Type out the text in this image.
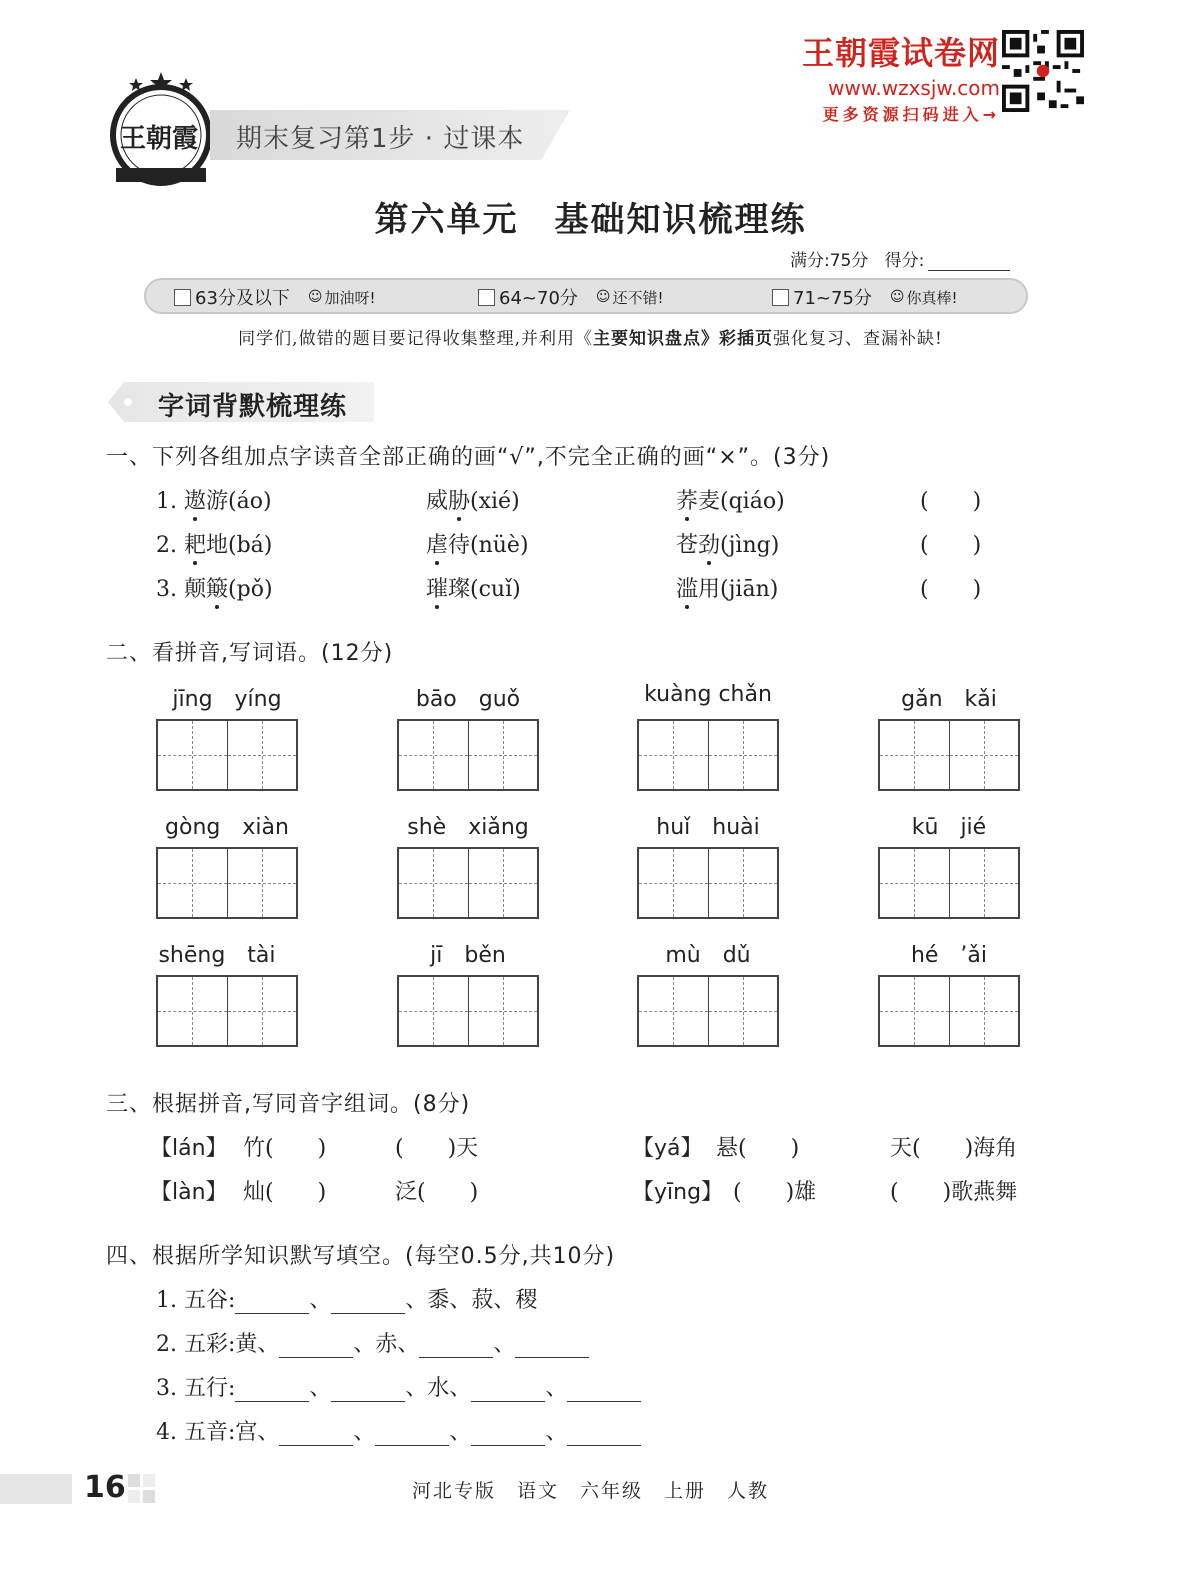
王朝霞 期末复习第1步 · 过课本
王朝霞试卷网
www.wzxsjw.com
更多资源扫码进入→
第六单元　基础知识梳理练
满分:75分 得分:
63分及以下 ☺ 加油呀!	64~70分 ☺ 还不错!	71~75分 ☺ 你真棒!
同学们,做错的题目要记得收集整理,并利用《主要知识盘点》彩插页强化复习、查漏补缺!
字词背默梳理练
一、下列各组加点字读音全部正确的画“√”,不完全正确的画“×”。(3分)
1. 遨游(áo)	威胁(xié)	荞麦(qiáo)	(　　)
2. 耙地(bá)	虐待(nüè)	苍劲(jìng)	(　　)
3. 颠簸(pǒ)	璀璨(cuǐ)	滥用(jiān)	(　　)
二、看拼音,写词语。(12分)
jīng　yíng	bāo　guǒ	kuàng chǎn	gǎn　kǎi
gòng　xiàn	shè　xiǎng	huǐ　huài	kū　jié
shēng　tài	jī　běn	mù　dǔ	hé　’ǎi
三、根据拼音,写同音字组词。(8分)
【lán】 竹(　　)	(　　)天	【yá】 悬(　　)	天(　　)海角
【làn】 灿(　　)	泛(　　)	【yīng】 (　　)雄	(　　)歌燕舞
四、根据所学知识默写填空。(每空0.5分,共10分)
1. 五谷:	、	、黍、菽、稷
2. 五彩:黄、	、赤、	、
3. 五行:	、	、水、	、
4. 五音:宫、	、	、	、
16	河北专版　语文　六年级　上册　人教
